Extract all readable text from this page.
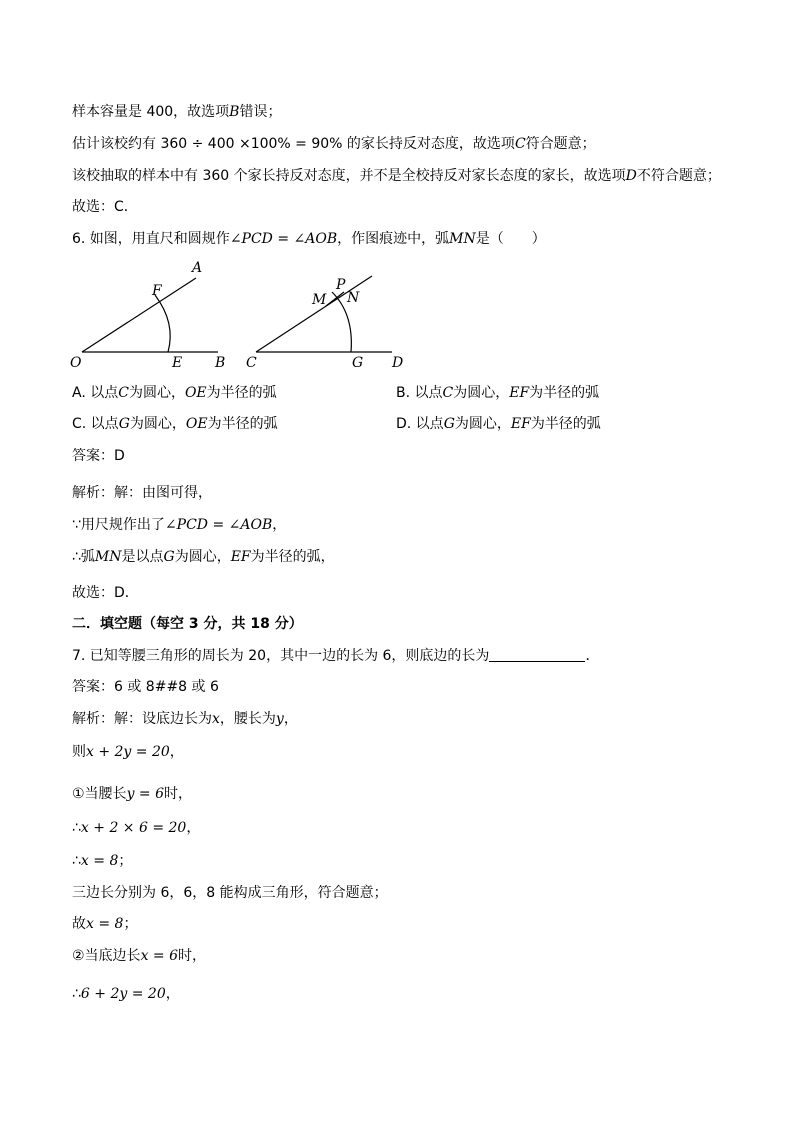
样本容量是 400，故选项B错误；
估计该校约有 360 ÷ 400 ×100% = 90% 的家长持反对态度，故选项C符合题意；
该校抽取的样本中有 360 个家长持反对态度，并不是全校持反对家长态度的家长，故选项D不符合题意；
故选：C．
6. 如图，用直尺和圆规作∠PCD = ∠AOB，作图痕迹中，弧MN是（　　）
O	E B
F
A
C	G D
M
P
N
A. 以点C为圆心，OE为半径的弧	B. 以点C为圆心，EF为半径的弧
C. 以点G为圆心，OE为半径的弧	D. 以点G为圆心，EF为半径的弧
答案：D
解析：解：由图可得，
∵用尺规作出了∠PCD = ∠AOB，
∴弧MN是以点G为圆心，EF为半径的弧，
故选：D．
二．填空题（每空 3 分，共 18 分）
7. 已知等腰三角形的周长为 20，其中一边的长为 6，则底边的长为	．
答案：6 或 8##8 或 6
解析：解：设底边长为x，腰长为y，
则x + 2y = 20，
①当腰长y = 6时，
∴x + 2 × 6 = 20，
∴x = 8；
三边长分别为 6，6，8 能构成三角形，符合题意；
故x = 8；
②当底边长x = 6时，
∴6 + 2y = 20，
